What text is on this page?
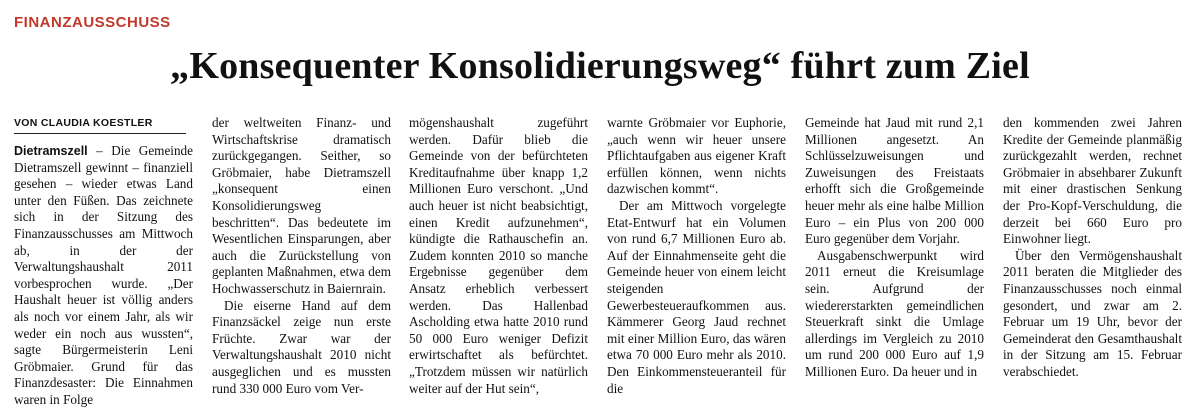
FINANZAUSSCHUSS
„Konsequenter Konsolidierungsweg“ führt zum Ziel
VON CLAUDIA KOESTLER

Dietramszell – Die Gemeinde Dietramszell gewinnt – finanziell gesehen – wieder etwas Land unter den Füßen. Das zeichnete sich in der Sitzung des Finanzausschusses am Mittwoch ab, in der der Verwaltungshaushalt 2011 vorbesprochen wurde. „Der Haushalt heuer ist völlig anders als noch vor einem Jahr, als wir weder ein noch aus wussten“, sagte Bürgermeisterin Leni Gröbmaier. Grund für das Finanzdesaster: Die Einnahmen waren in Folge

der weltweiten Finanz- und Wirtschaftskrise dramatisch zurückgegangen. Seither, so Gröbmaier, habe Dietramszell „konsequent einen Konsolidierungsweg beschritten“. Das bedeutete im Wesentlichen Einsparungen, aber auch die Zurückstellung von geplanten Maßnahmen, etwa dem Hochwasserschutz in Baiernrain.

Die eiserne Hand auf dem Finanzsäckel zeige nun erste Früchte. Zwar war der Verwaltungshaushalt 2010 nicht ausgeglichen und es mussten rund 330 000 Euro vom Ver-

mögenshaushalt zugeführt werden. Dafür blieb die Gemeinde von der befürchteten Kreditaufnahme über knapp 1,2 Millionen Euro verschont. „Und auch heuer ist nicht beabsichtigt, einen Kredit aufzunehmen“, kündigte die Rathauschefin an. Zudem konnten 2010 so manche Ergebnisse gegenüber dem Ansatz erheblich verbessert werden. Das Hallenbad Ascholding etwa hatte 2010 rund 50 000 Euro weniger Defizit erwirtschaftet als befürchtet. „Trotzdem müssen wir natürlich weiter auf der Hut sein“,

warnte Gröbmaier vor Euphorie, „auch wenn wir heuer unsere Pflichtaufgaben aus eigener Kraft erfüllen können, wenn nichts dazwischen kommt“.

Der am Mittwoch vorgelegte Etat-Entwurf hat ein Volumen von rund 6,7 Millionen Euro ab. Auf der Einnahmenseite geht die Gemeinde heuer von einem leicht steigenden Gewerbesteueraufkommen aus. Kämmerer Georg Jaud rechnet mit einer Million Euro, das wären etwa 70 000 Euro mehr als 2010. Den Einkommensteueranteil für die

Gemeinde hat Jaud mit rund 2,1 Millionen angesetzt. An Schlüsselzuweisungen und Zuweisungen des Freistaats erhofft sich die Großgemeinde heuer mehr als eine halbe Million Euro – ein Plus von 200 000 Euro gegenüber dem Vorjahr.

Ausgabenschwerpunkt wird 2011 erneut die Kreisumlage sein. Aufgrund der wiedererstarkten gemeindlichen Steuerkraft sinkt die Umlage allerdings im Vergleich zu 2010 um rund 200 000 Euro auf 1,9 Millionen Euro. Da heuer und in

den kommenden zwei Jahren Kredite der Gemeinde planmäßig zurückgezahlt werden, rechnet Gröbmaier in absehbarer Zukunft mit einer drastischen Senkung der Pro-Kopf-Verschuldung, die derzeit bei 660 Euro pro Einwohner liegt.

Über den Vermögenshaushalt 2011 beraten die Mitglieder des Finanzausschusses noch einmal gesondert, und zwar am 2. Februar um 19 Uhr, bevor der Gemeinderat den Gesamthaushalt in der Sitzung am 15. Februar verabschiedet.
